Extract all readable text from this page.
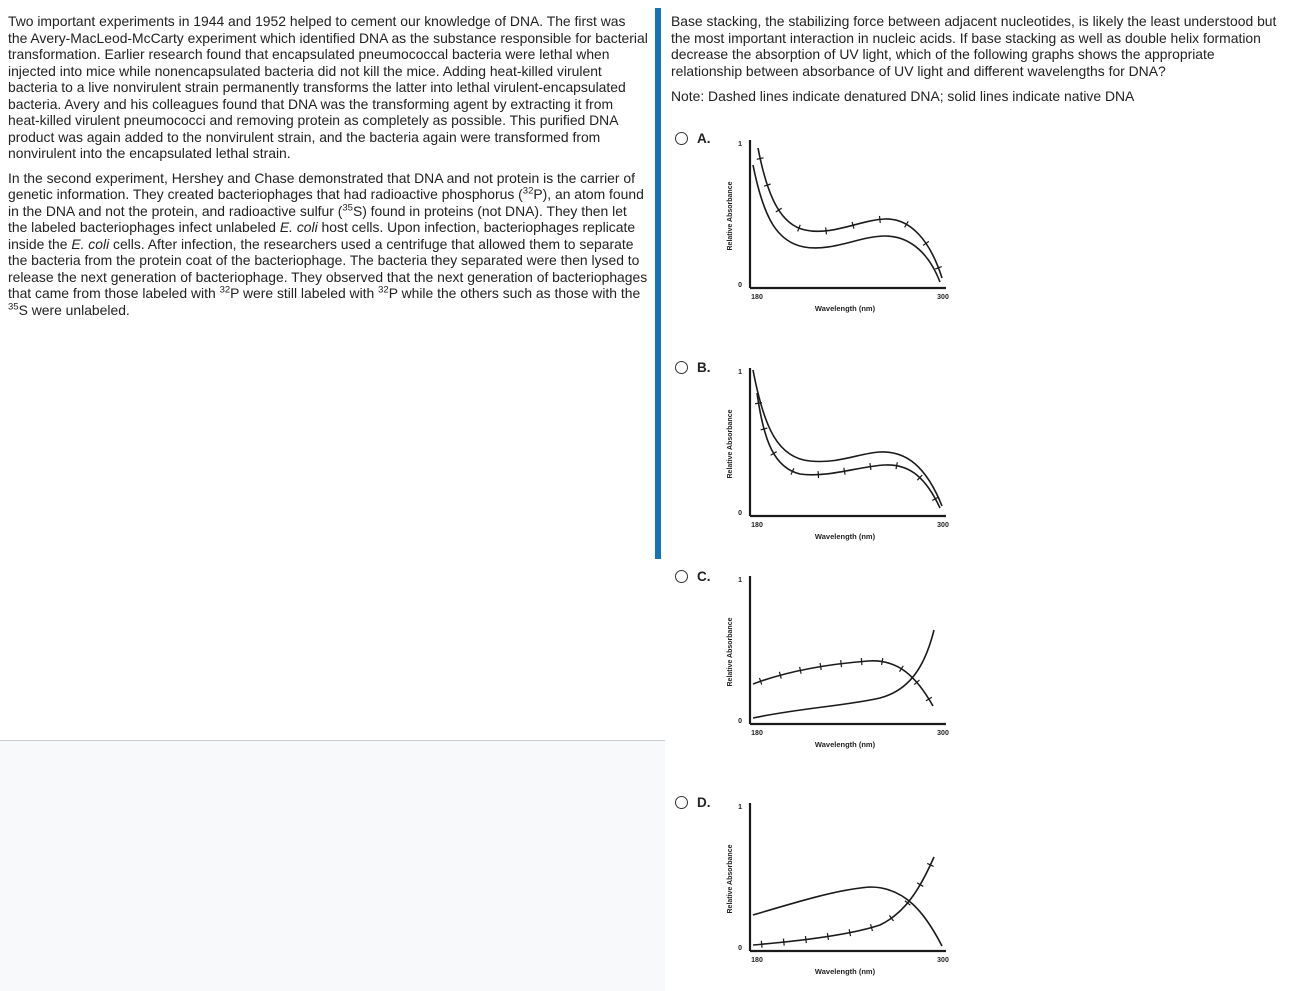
Two important experiments in 1944 and 1952 helped to cement our knowledge of DNA. The first was the Avery-MacLeod-McCarty experiment which identified DNA as the substance responsible for bacterial transformation. Earlier research found that encapsulated pneumococcal bacteria were lethal when injected into mice while nonencapsulated bacteria did not kill the mice. Adding heat-killed virulent bacteria to a live nonvirulent strain permanently transforms the latter into lethal virulent-encapsulated bacteria. Avery and his colleagues found that DNA was the transforming agent by extracting it from heat-killed virulent pneumococci and removing protein as completely as possible. This purified DNA product was again added to the nonvirulent strain, and the bacteria again were transformed from nonvirulent into the encapsulated lethal strain.

In the second experiment, Hershey and Chase demonstrated that DNA and not protein is the carrier of genetic information. They created bacteriophages that had radioactive phosphorus ($^{32}$P), an atom found in the DNA and not the protein, and radioactive sulfur ($^{35}$S) found in proteins (not DNA). They then let the labeled bacteriophages infect unlabeled E. coli host cells. Upon infection, bacteriophages replicate inside the E. coli cells. After infection, the researchers used a centrifuge that allowed them to separate the bacteria from the protein coat of the bacteriophage. The bacteria they separated were then lysed to release the next generation of bacteriophage. They observed that the next generation of bacteriophages that came from those labeled with $^{32}$P were still labeled with $^{32}$P while the others such as those with the $^{35}$S were unlabeled.

Base stacking, the stabilizing force between adjacent nucleotides, is likely the least understood but the most important interaction in nucleic acids. If base stacking as well as double helix formation decrease the absorption of UV light, which of the following graphs shows the appropriate relationship between absorbance of UV light and different wavelengths for DNA?

Note: Dashed lines indicate denatured DNA; solid lines indicate native DNA

A.	1
0
180	300
Wavelength (nm)
Relative Absorbance
B.	1
0
180	300
Wavelength (nm)
Relative Absorbance
C.	1
0
180	300
Wavelength (nm)
Relative Absorbance
D.	1
0
180	300
Wavelength (nm)
Relative Absorbance
